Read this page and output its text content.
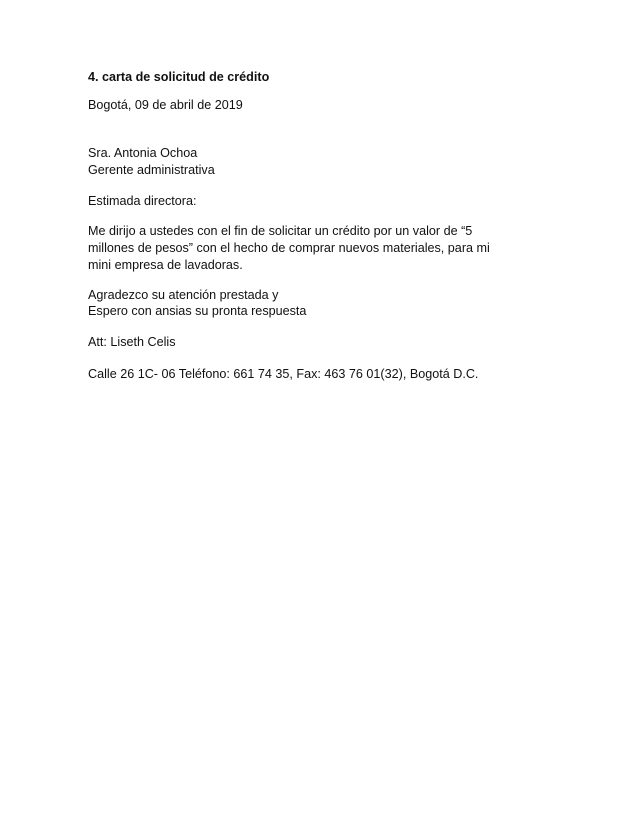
4. carta de solicitud de crédito
Bogotá, 09 de abril de 2019
Sra. Antonia Ochoa
Gerente administrativa
Estimada directora:
Me dirijo a ustedes con el fin de solicitar un crédito por un valor de “5
millones de pesos” con el hecho de comprar nuevos materiales, para mi
mini empresa de lavadoras.
Agradezco su atención prestada y
Espero con ansias su pronta respuesta
Att: Liseth Celis
Calle 26 1C- 06 Teléfono: 661 74 35, Fax: 463 76 01(32), Bogotá D.C.
